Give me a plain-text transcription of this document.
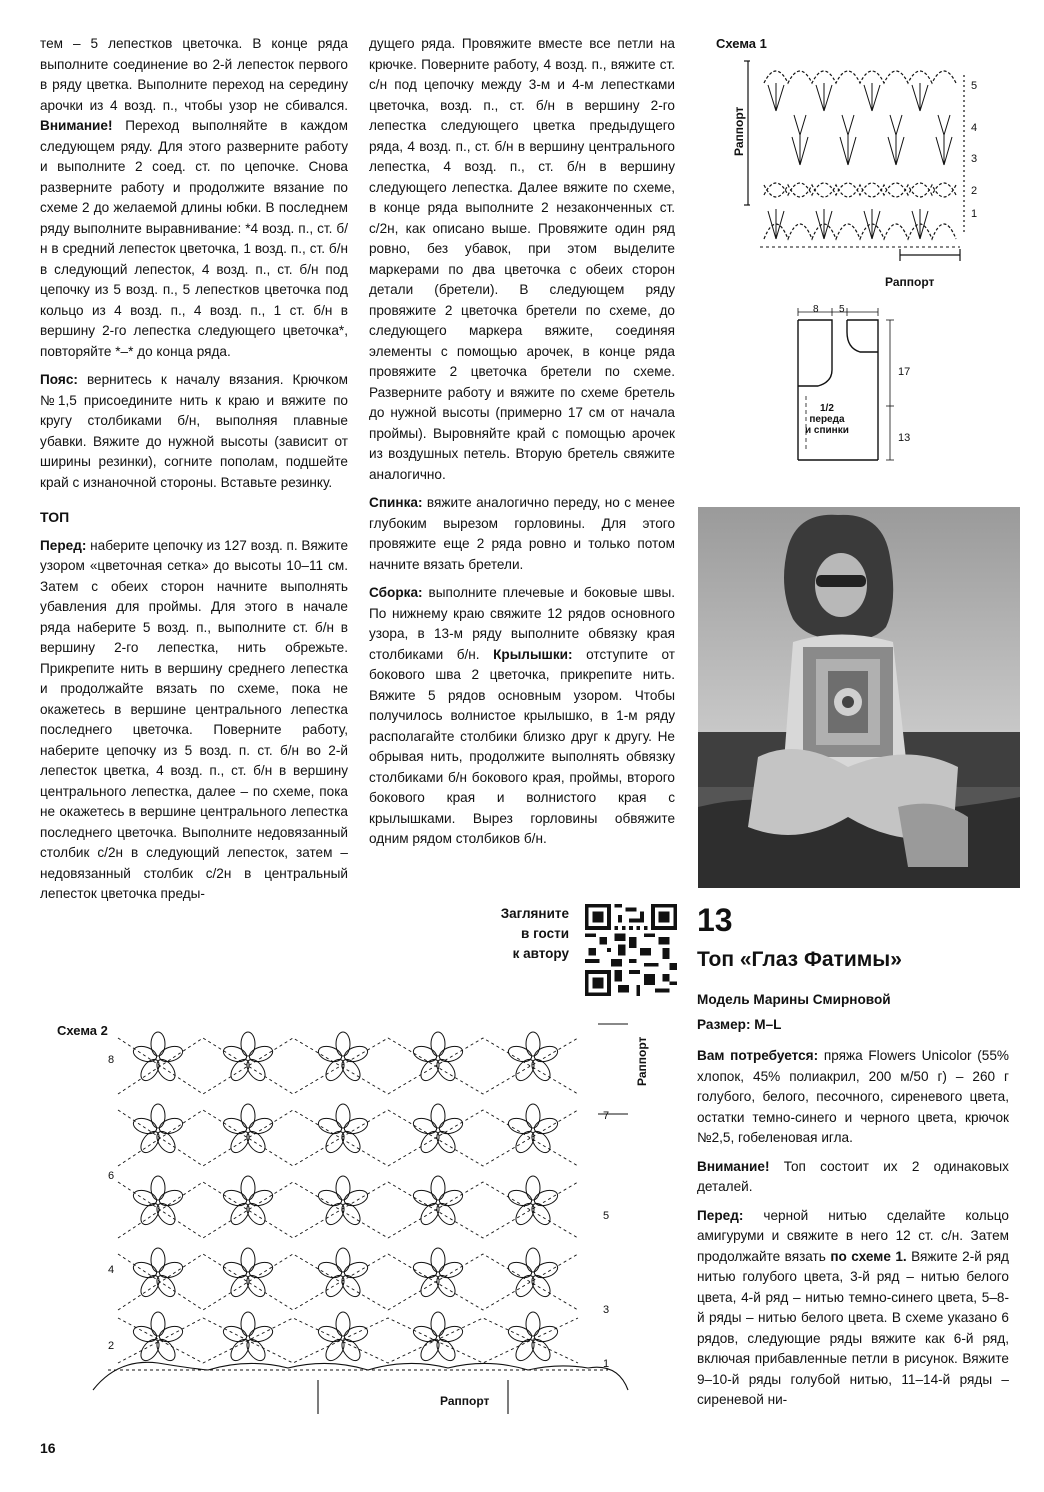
тем – 5 лепестков цветочка. В конце ряда выполните соединение во 2-й лепесток первого в ряду цветка. Выполните переход на середину арочки из 4 возд. п., чтобы узор не сбивался. Внимание! Переход выполняйте в каждом следующем ряду. Для этого разверните работу и выполните 2 соед. ст. по цепочке. Снова разверните работу и продолжите вязание по схеме 2 до желаемой длины юбки. В последнем ряду выполните выравнивание: *4 возд. п., ст. б/н в средний лепесток цветочка, 1 возд. п., ст. б/н в следующий лепесток, 4 возд. п., ст. б/н под цепочку из 5 возд. п., 5 лепестков цветочка под кольцо из 4 возд. п., 4 возд. п., 1 ст. б/н в вершину 2-го лепестка следующего цветочка*, повторяйте *–* до конца ряда.

Пояс: вернитесь к началу вязания. Крючком №1,5 присоедините нить к краю и вяжите по кругу столбиками б/н, выполняя плавные убавки. Вяжите до нужной высоты (зависит от ширины резинки), согните пополам, подшейте край с изнаночной стороны. Вставьте резинку.

ТОП

Перед: наберите цепочку из 127 возд. п. Вяжите узором «цветочная сетка» до высоты 10–11 см. Затем с обеих сторон начните выполнять убавления для проймы. Для этого в начале ряда наберите 5 возд. п., выполните ст. б/н в вершину 2-го лепестка, нить обрежьте. Прикрепите нить в вершину среднего лепестка и продолжайте вязать по схеме, пока не окажетесь в вершине центрального лепестка последнего цветочка. Поверните работу, наберите цепочку из 5 возд. п. ст. б/н во 2-й лепесток цветка, 4 возд. п., ст. б/н в вершину центрального лепестка, далее – по схеме, пока не окажетесь в вершине центрального лепестка последнего цветочка. Выполните недовязанный столбик с/2н в следующий лепесток, затем – недовязанный столбик с/2н в центральный лепесток цветочка преды-

дущего ряда. Провяжите вместе все петли на крючке. Поверните работу, 4 возд. п., вяжите ст. с/н под цепочку между 3-м и 4-м лепестками цветочка, возд. п., ст. б/н в вершину 2-го лепестка следующего цветка предыдущего ряда, 4 возд. п., ст. б/н в вершину центрального лепестка, 4 возд. п., ст. б/н в вершину следующего лепестка. Далее вяжите по схеме, в конце ряда выполните 2 незаконченных ст. с/2н, как описано выше. Провяжите один ряд ровно, без убавок, при этом выделите маркерами по два цветочка с обеих сторон детали (бретели). В следующем ряду провяжите 2 цветочка бретели по схеме, до следующего маркера вяжите, соединяя элементы с помощью арочек, в конце ряда провяжите 2 цветочка бретели по схеме. Разверните работу и вяжите по схеме бретель до нужной высоты (примерно 17 см от начала проймы). Выровняйте край с помощью арочек из воздушных петель. Вторую бретель свяжите аналогично.

Спинка: вяжите аналогично переду, но с менее глубоким вырезом горловины. Для этого провяжите еще 2 ряда ровно и только потом начните вязать бретели.

Сборка: выполните плечевые и боковые швы. По нижнему краю свяжите 12 рядов основного узора, в 13-м ряду выполните обвязку края столбиками б/н. Крылышки: отступите от бокового шва 2 цветочка, прикрепите нить. Вяжите 5 рядов основным узором. Чтобы получилось волнистое крылышко, в 1-м ряду располагайте столбики близко друг к другу. Не обрывая нить, продолжите выполнять обвязку столбиками б/н бокового края, проймы, второго бокового края и волнистого края с крылышками. Вырез горловины обвяжите одним рядом столбиков б/н.

Загляните
в гости
к автору
Схема 1
Раппорт
Раппорт
5
4
3
2
1
8 5
17
13
1/2
переда
и спинки
13
Топ «Глаз Фатимы»
Модель Марины Смирновой
Размер: M–L

Вам потребуется: пряжа Flowers Unicolor (55% хлопок, 45% полиакрил, 200 м/50 г) – 260 г голубого, белого, песочного, сиреневого цвета, остатки темно-синего и черного цвета, крючок №2,5, гобеленовая игла.

Внимание! Топ состоит их 2 одинаковых деталей.

Перед: черной нитью сделайте кольцо амигуруми и свяжите в него 12 ст. с/н. Затем продолжайте вязать по схеме 1. Вяжите 2-й ряд нитью голубого цвета, 3-й ряд – нитью белого цвета, 4-й ряд – нитью темно-синего цвета, 5–8-й ряды – нитью белого цвета. В схеме указано 6 рядов, следующие ряды вяжите как 6-й ряд, включая прибавленные петли в рисунок. Вяжите 9–10-й ряды голубой нитью, 11–14-й ряды – сиреневой ни-

Схема 2
Раппорт
Раппорт
8
6
4
2
7
5
3
1
16
